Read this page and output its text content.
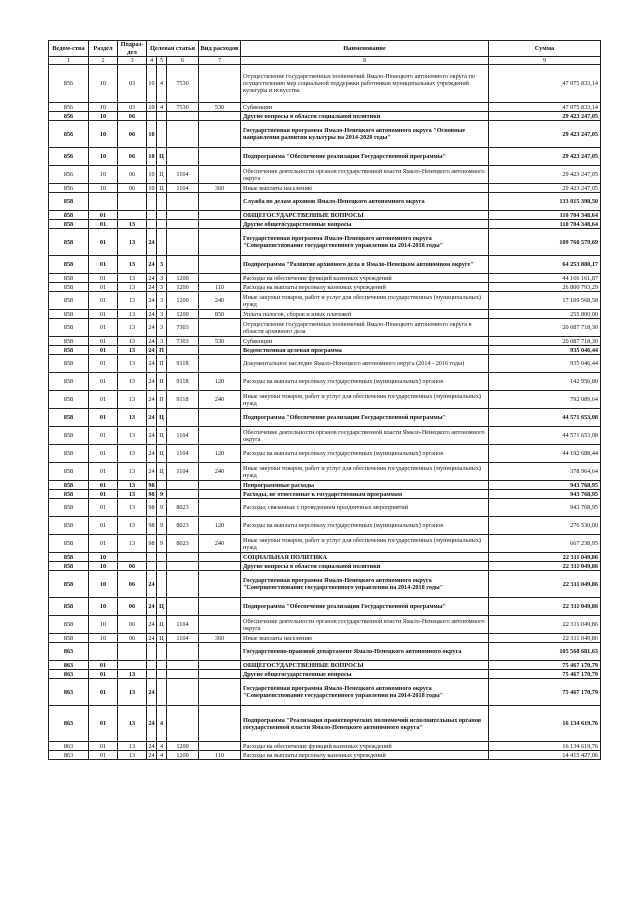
Ведом-ства	Раздел	Подраз-дел	Целевая статья			Вид расходов	Наименование	Сумма
1	2	3	4	5	6	7	8	9
856	10	03	10	4	7530		Осуществление государственных полномочий Ямало-Ненецкого автономного округа по осуществлению мер социальной поддержки работников муниципальных учреждений культуры и искусства	47 075 833,14
856	10	03	10	4	7530	530	Субвенции	47 075 833,14
856	10	06					Другие вопросы в области социальной политики	29 423 247,05
856	10	06	10				Государственная программа Ямало-Ненецкого автономного округа "Основные направления развития культуры на 2014-2020 годы"	29 423 247,05
856	10	06	10	Ц			Подпрограмма "Обеспечение реализации Государственной программы"	29 423 247,05
856	10	06	10	Ц	1104		Обеспечение деятельности органов государственной власти Ямало-Ненецкого автономного округа	29 423 247,05
856	10	06	10	Ц	1104	360	Иные выплаты населению	29 423 247,05
858							Служба по делам архивов Ямало-Ненецкого автономного округа	133 015 398,50
858	01						ОБЩЕГОСУДАРСТВЕННЫЕ ВОПРОСЫ	110 704 348,64
858	01	13					Другие общегосударственные вопросы	110 704 348,64
858	01	13	24				Государственная программа Ямало-Ненецкого автономного округа "Совершенствование государственного управления на 2014-2018 годы"	109 760 579,69
858	01	13	24	3			Подпрограмма "Развитие архивного дела в Ямало-Ненецком автономном округе"	64 253 880,17
858	01	13	24	3	1200		Расходы на обеспечение функций казенных учреждений	44 166 161,87
858	01	13	24	3	1200	110	Расходы на выплаты персоналу казенных учреждений	26 800 793,29
858	01	13	24	3	1200	240	Иные закупки товаров, работ и услуг для обеспечения государственных (муниципальных) нужд	17 109 568,58
858	01	13	24	3	1200	850	Уплата налогов, сборов и иных платежей	255 800,00
858	01	13	24	3	7303		Осуществление государственных полномочий Ямало-Ненецкого автономного округа в области архивного дела	20 087 718,30
858	01	13	24	3	7303	530	Субвенции	20 087 718,30
858	01	13	24	П			Ведомственная целевая программа	935 046,44
858	01	13	24	П	9118		Документальное наследие Ямало-Ненецкого автономного округа (2014 - 2016 годы)	935 046,44
858	01	13	24	П	9118	120	Расходы на выплаты персоналу государственных (муниципальных) органов	142 956,80
858	01	13	24	П	9118	240	Иные закупки товаров, работ и услуг для обеспечения государственных (муниципальных) нужд	792 089,64
858	01	13	24	Ц			Подпрограмма "Обеспечение реализации Государственной программы"	44 571 653,08
858	01	13	24	Ц	1104		Обеспечение деятельности органов государственной власти Ямало-Ненецкого автономного округа	44 571 653,08
858	01	13	24	Ц	1104	120	Расходы на выплаты персоналу государственных (муниципальных) органов	44 192 688,44
858	01	13	24	Ц	1104	240	Иные закупки товаров, работ и услуг для обеспечения государственных (муниципальных) нужд	378 964,64
858	01	13	98				Непрограммные расходы	943 768,95
858	01	13	98	9			Расходы, не отнесенные к государственным программам	943 768,95
858	01	13	98	9	8023		Расходы, связанные с проведением праздничных мероприятий	943 768,95
858	01	13	98	9	8023	120	Расходы на выплаты персоналу государственных (муниципальных) органов	276 530,00
858	01	13	98	9	8023	240	Иные закупки товаров, работ и услуг для обеспечения государственных (муниципальных) нужд	667 238,95
858	10						СОЦИАЛЬНАЯ ПОЛИТИКА	22 311 049,86
858	10	06					Другие вопросы в области социальной политики	22 311 049,86
858	10	06	24				Государственная программа Ямало-Ненецкого автономного округа "Совершенствование государственного управления на 2014-2018 годы"	22 311 049,86
858	10	06	24	Ц			Подпрограмма "Обеспечение реализации Государственной программы"	22 311 049,86
858	10	06	24	Ц	1104		Обеспечение деятельности органов государственной власти Ямало-Ненецкого автономного округа	22 311 049,86
858	10	06	24	Ц	1104	360	Иные выплаты населению	22 311 049,86
863							Государственно-правовой департамент Ямало-Ненецкого автономного округа	105 568 681,63
863	01						ОБЩЕГОСУДАРСТВЕННЫЕ ВОПРОСЫ	75 467 170,79
863	01	13					Другие общегосударственные вопросы	75 467 170,79
863	01	13	24				Государственная программа Ямало-Ненецкого автономного округа "Совершенствование государственного управления на 2014-2018 годы"	75 467 170,79
863	01	13	24	4			Подпрограмма "Реализация правотворческих полномочий исполнительных органов государственной власти Ямало-Ненецкого автономного округа"	16 134 619,76
863	01	13	24	4	1200		Расходы на обеспечение функций казенных учреждений	16 134 619,76
863	01	13	24	4	1200	110	Расходы на выплаты персоналу казенных учреждений	14 415 427,06
